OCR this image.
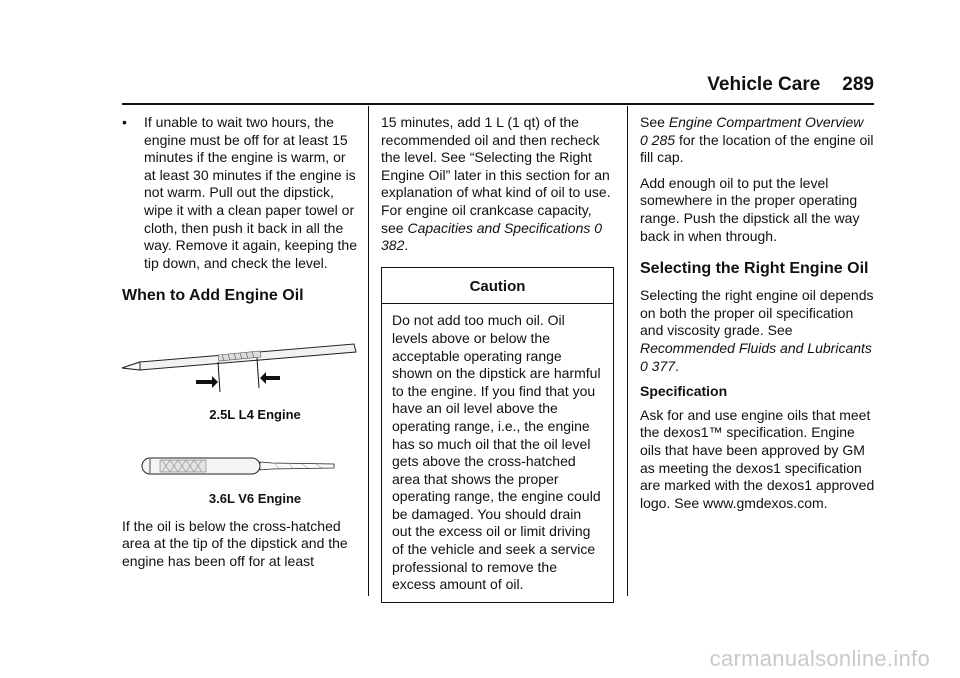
Vehicle Care 289
•	If unable to wait two hours, the engine must be off for at least 15 minutes if the engine is warm, or at least 30 minutes if the engine is not warm. Pull out the dipstick, wipe it with a clean paper towel or cloth, then push it back in all the way. Remove it again, keeping the tip down, and check the level.
When to Add Engine Oil

2.5L L4 Engine

3.6L V6 Engine

If the oil is below the cross-hatched area at the tip of the dipstick and the engine has been off for at least

15 minutes, add 1 L (1 qt) of the recommended oil and then recheck the level. See “Selecting the Right Engine Oil” later in this section for an explanation of what kind of oil to use. For engine oil crankcase capacity, see Capacities and Specifications 0 382.

Caution
Do not add too much oil. Oil levels above or below the acceptable operating range shown on the dipstick are harmful to the engine. If you find that you have an oil level above the operating range, i.e., the engine has so much oil that the oil level gets above the cross-hatched area that shows the proper operating range, the engine could be damaged. You should drain out the excess oil or limit driving of the vehicle and seek a service professional to remove the excess amount of oil.

See Engine Compartment Overview 0 285 for the location of the engine oil fill cap.

Add enough oil to put the level somewhere in the proper operating range. Push the dipstick all the way back in when through.

Selecting the Right Engine Oil

Selecting the right engine oil depends on both the proper oil specification and viscosity grade. See Recommended Fluids and Lubricants 0 377.

Specification

Ask for and use engine oils that meet the dexos1™ specification. Engine oils that have been approved by GM as meeting the dexos1 specification are marked with the dexos1 approved logo. See www.gmdexos.com.

carmanualsonline.info
